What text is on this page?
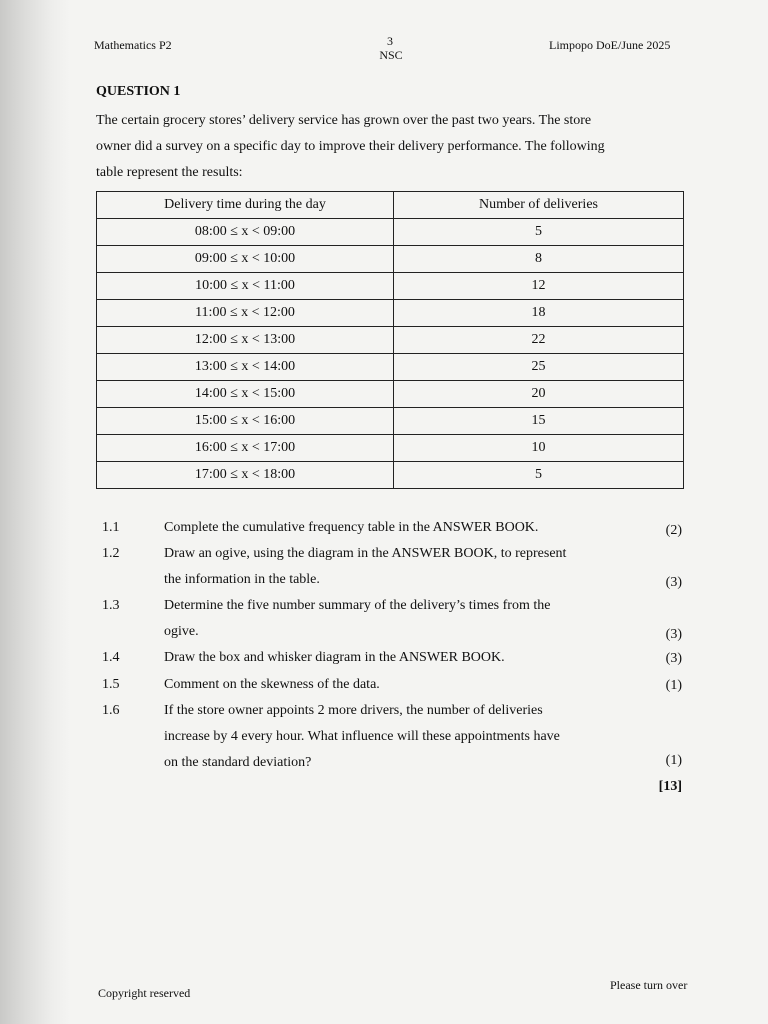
Mathematics P2	3
NSC
Limpopo DoE/June 2025
QUESTION 1
The certain grocery stores’ delivery service has grown over the past two years. The store
owner did a survey on a specific day to improve their delivery performance. The following
table represent the results:
Delivery time during the day	Number of deliveries
08:00 ≤ x < 09:00	5
09:00 ≤ x < 10:00	8
10:00 ≤ x < 11:00	12
11:00 ≤ x < 12:00	18
12:00 ≤ x < 13:00	22
13:00 ≤ x < 14:00	25
14:00 ≤ x < 15:00	20
15:00 ≤ x < 16:00	15
16:00 ≤ x < 17:00	10
17:00 ≤ x < 18:00	5
1.1	Complete the cumulative frequency table in the ANSWER BOOK.	(2)
1.2	Draw an ogive, using the diagram in the ANSWER BOOK, to represent
the information in the table.	(3)
1.3	Determine the five number summary of the delivery’s times from the
ogive.	(3)
1.4	Draw the box and whisker diagram in the ANSWER BOOK.	(3)
1.5	Comment on the skewness of the data.	(1)
1.6	If the store owner appoints 2 more drivers, the number of deliveries
increase by 4 every hour. What influence will these appointments have
on the standard deviation?	(1)
[13]
Copyright reserved
Please turn over
